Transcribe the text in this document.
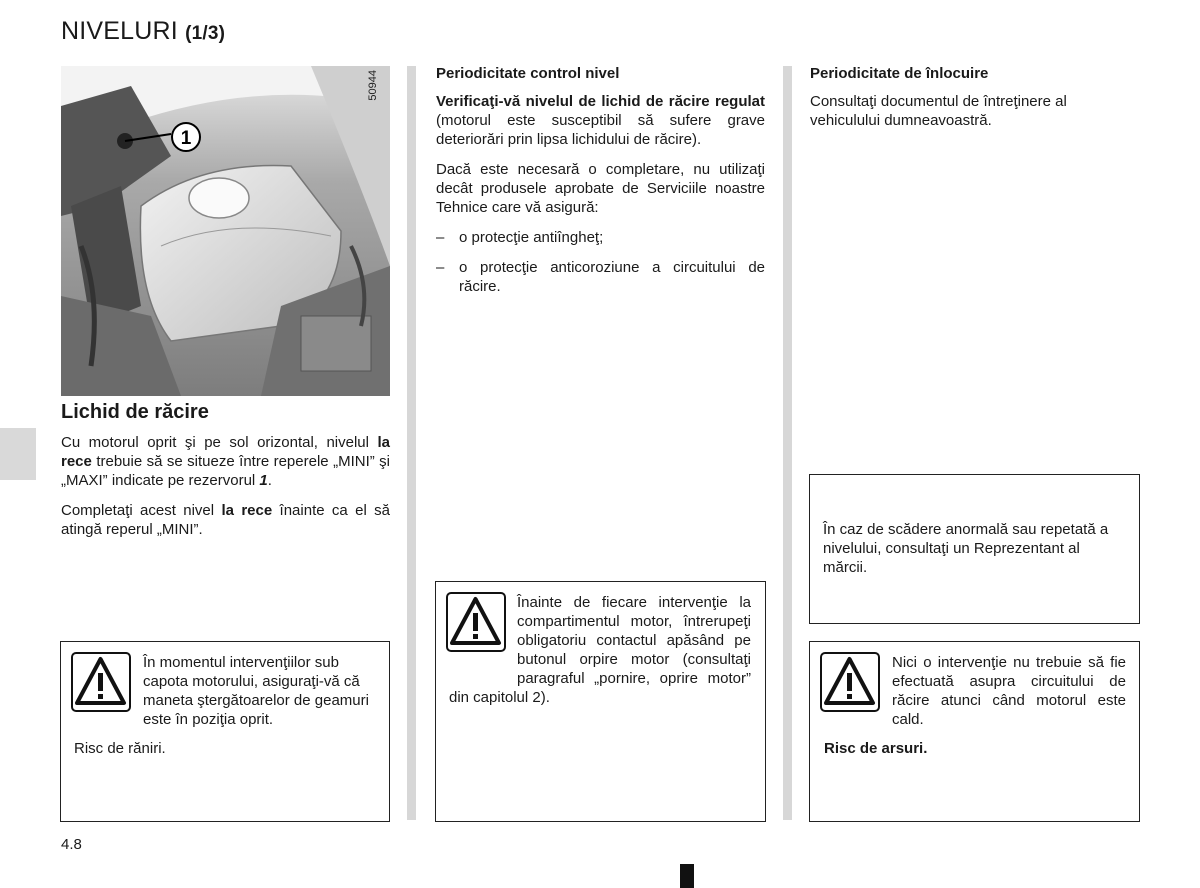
NIVELURI (1/3)
1
50944
Lichid de răcire

Cu motorul oprit şi pe sol orizontal, nivelul la rece trebuie să se situeze între reperele „MINI” şi „MAXI” indicate pe rezervorul 1.

Completaţi acest nivel la rece înainte ca el să atingă reperul „MINI”.

Periodicitate control nivel

Verificaţi-vă nivelul de lichid de răcire regulat (motorul este susceptibil să sufere grave deteriorări prin lipsa lichidului de răcire).

Dacă este necesară o completare, nu utilizaţi decât produsele aprobate de Serviciile noastre Tehnice care vă asigură:

– o protecţie antiîngheţ;

– o protecţie anticoroziune a circuitului de răcire.

Periodicitate de înlocuire

Consultaţi documentul de întreţinere al vehiculului dumneavoastră.

În momentul intervenţiilor sub capota motorului, asiguraţi-vă că maneta ştergătoarelor de geamuri este în poziţia oprit.
Risc de răniri.
Înainte de fiecare intervenţie la compartimentul motor, întrerupeţi obligatoriu contactul apăsând pe butonul orpire motor (consultaţi paragraful „pornire, oprire motor” din capitolul 2).
În caz de scădere anormală sau repetată a nivelului, consultaţi un Reprezentant al mărcii.
Nici o intervenţie nu trebuie să fie efectuată asupra circuitului de răcire atunci când motorul este cald.
Risc de arsuri.
4.8
